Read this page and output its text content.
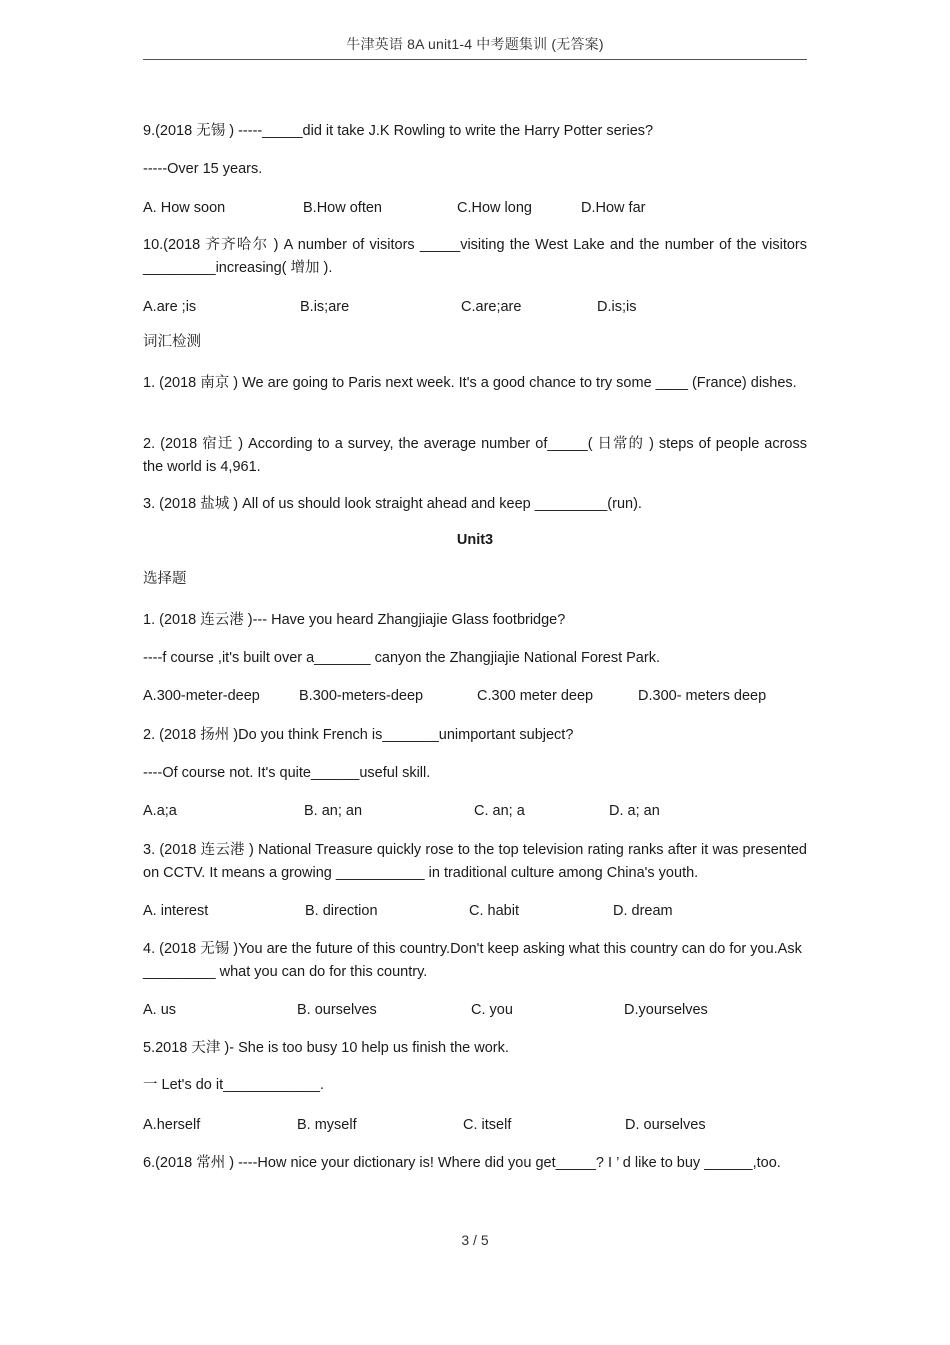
牛津英语 8A unit1-4 中考题集训 (无答案)
9.(2018 无锡 ) -----_____did it take J.K Rowling to write the Harry Potter series?
-----Over 15 years.
A. How soon	B.How often	C.How long	D.How far
10.(2018 齐齐哈尔 ) A number of visitors _____visiting the West Lake and the number of the visitors _________increasing( 增加 ).
A.are ;is	B.is;are	C.are;are	D.is;is
词汇检测
1. (2018 南京 ) We are going to Paris next week. It's a good chance to try some ____ (France) dishes.
2. (2018 宿迁 ) According to a survey, the average number of_____( 日常的 ) steps of people across the world is 4,961.
3. (2018 盐城 ) All of us should look straight ahead and keep _________(run).
Unit3
选择题
1. (2018 连云港 )--- Have you heard Zhangjiajie Glass footbridge?
----f course ,it's built over a_______ canyon the Zhangjiajie National Forest Park.
A.300-meter-deep	B.300-meters-deep	C.300 meter deep	D.300- meters deep
2. (2018 扬州 )Do you think French is_______unimportant subject?
----Of course not. It's quite______useful skill.
A.a;a	B. an; an	C. an; a	D. a; an
3. (2018 连云港 ) National Treasure quickly rose to the top television rating ranks after it was presented on CCTV. It means a growing ___________ in traditional culture among China's youth.
A. interest	B. direction	C. habit	D. dream
4. (2018 无锡 )You are the future of this country.Don't keep asking what this country can do for you.Ask _________ what you can do for this country.
A. us	B. ourselves	C. you	D.yourselves
5.2018 天津 )- She is too busy 10 help us finish the work.
一 Let's do it____________.
A.herself	B. myself	C. itself	D. ourselves
6.(2018 常州 ) ----How nice your dictionary is! Where did you get_____? I ’ d like to buy ______,too.
3 / 5
